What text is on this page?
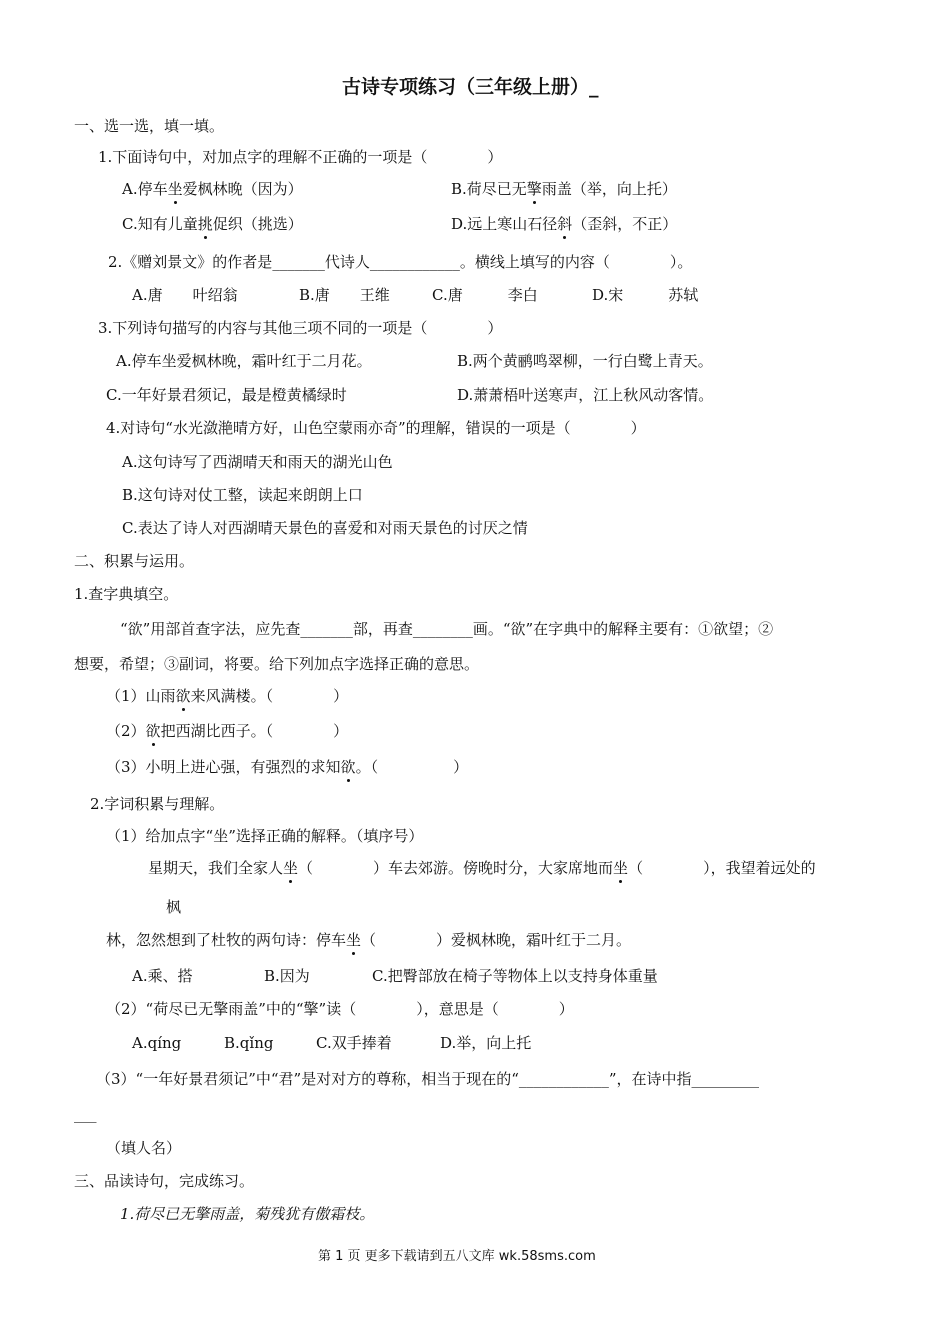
古诗专项练习（三年级上册）_
一、选一选，填一填。
1.下面诗句中，对加点字的理解不正确的一项是（　　　　）
A.停车坐爱枫林晚（因为）	B.荷尽已无擎雨盖（举，向上托）
C.知有儿童挑促织（挑选）	D.远上寒山石径斜（歪斜，不正）
2.《赠刘景文》的作者是_______代诗人____________。横线上填写的内容（　　　　）。
A.唐　　叶绍翁	B.唐　　王维	C.唐　　　李白	D.宋　　　苏轼
3.下列诗句描写的内容与其他三项不同的一项是（　　　　）
A.停车坐爱枫林晚，霜叶红于二月花。	B.两个黄鹂鸣翠柳，一行白鹭上青天。
C.一年好景君须记，最是橙黄橘绿时	D.萧萧梧叶送寒声，江上秋风动客情。
4.对诗句“水光潋滟晴方好，山色空蒙雨亦奇”的理解，错误的一项是（　　　　）
A.这句诗写了西湖晴天和雨天的湖光山色
B.这句诗对仗工整，读起来朗朗上口
C.表达了诗人对西湖晴天景色的喜爱和对雨天景色的讨厌之情
二、积累与运用。
1.查字典填空。
“欲”用部首查字法，应先查_______部，再查________画。“欲”在字典中的解释主要有：①欲望；②
想要，希望；③副词，将要。给下列加点字选择正确的意思。
（1）山雨欲来风满楼。（　　　　）
（2）欲把西湖比西子。（　　　　）
（3）小明上进心强，有强烈的求知欲。（　　　　　）
2.字词积累与理解。
（1）给加点字“坐”选择正确的解释。（填序号）
星期天，我们全家人坐（　　　　）车去郊游。傍晚时分，大家席地而坐（　　　　），我望着远处的
枫
林，忽然想到了杜牧的两句诗：停车坐（　　　　）爱枫林晚，霜叶红于二月。
A.乘、搭	B.因为	C.把臀部放在椅子等物体上以支持身体重量
（2）“荷尽已无擎雨盖”中的“擎”读（　　　　），意思是（　　　　）
A.qíng	B.qǐng	C.双手捧着	D.举，向上托
（3）“一年好景君须记”中“君”是对对方的尊称，相当于现在的“____________”，在诗中指_________
___
（填人名）
三、品读诗句，完成练习。
1.荷尽已无擎雨盖，菊残犹有傲霜枝。
第 1 页 更多下载请到五八文库 wk.58sms.com
